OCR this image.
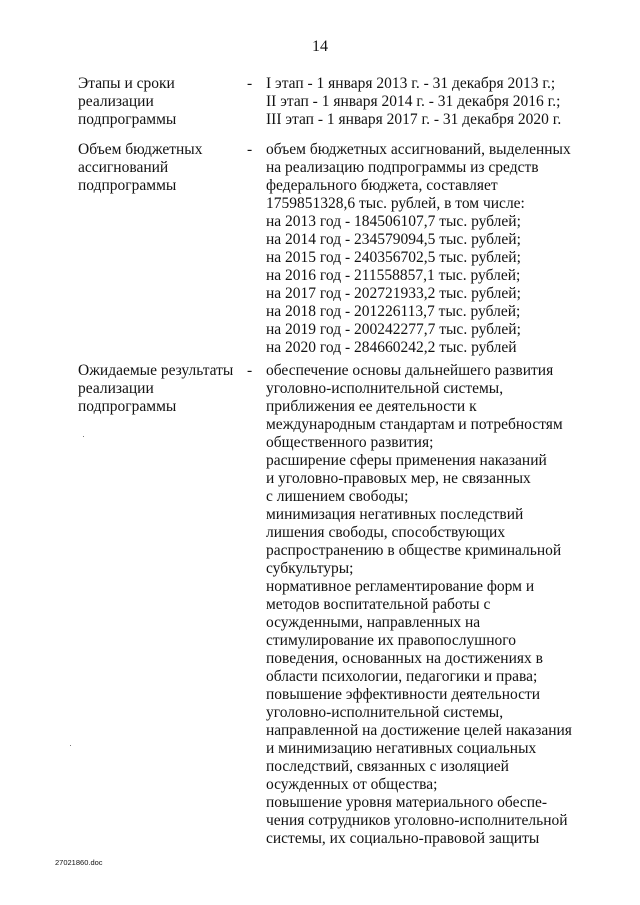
14
Этапы и сроки
реализации
подпрограммы
- I этап - 1 января 2013 г. - 31 декабря 2013 г.;
II этап - 1 января 2014 г. - 31 декабря 2016 г.;
III этап - 1 января 2017 г. - 31 декабря 2020 г.
Объем бюджетных
ассигнований
подпрограммы
- объем бюджетных ассигнований, выделенных
на реализацию подпрограммы из средств
федерального бюджета, составляет
1759851328,6 тыс. рублей, в том числе:
на 2013 год - 184506107,7 тыс. рублей;
на 2014 год - 234579094,5 тыс. рублей;
на 2015 год - 240356702,5 тыс. рублей;
на 2016 год - 211558857,1 тыс. рублей;
на 2017 год - 202721933,2 тыс. рублей;
на 2018 год - 201226113,7 тыс. рублей;
на 2019 год - 200242277,7 тыс. рублей;
на 2020 год - 284660242,2 тыс. рублей
Ожидаемые результаты
реализации
подпрограммы
- обеспечение основы дальнейшего развития
уголовно-исполнительной системы,
приближения ее деятельности к
международным стандартам и потребностям
общественного развития;
расширение сферы применения наказаний
и уголовно-правовых мер, не связанных
с лишением свободы;
минимизация негативных последствий
лишения свободы, способствующих
распространению в обществе криминальной
субкультуры;
нормативное регламентирование форм и
методов воспитательной работы с
осужденными, направленных на
стимулирование их правопослушного
поведения, основанных на достижениях в
области психологии, педагогики и права;
повышение эффективности деятельности
уголовно-исполнительной системы,
направленной на достижение целей наказания
и минимизацию негативных социальных
последствий, связанных с изоляцией
осужденных от общества;
повышение уровня материального обеспе-
чения сотрудников уголовно-исполнительной
системы, их социально-правовой защиты
27021860.doc
